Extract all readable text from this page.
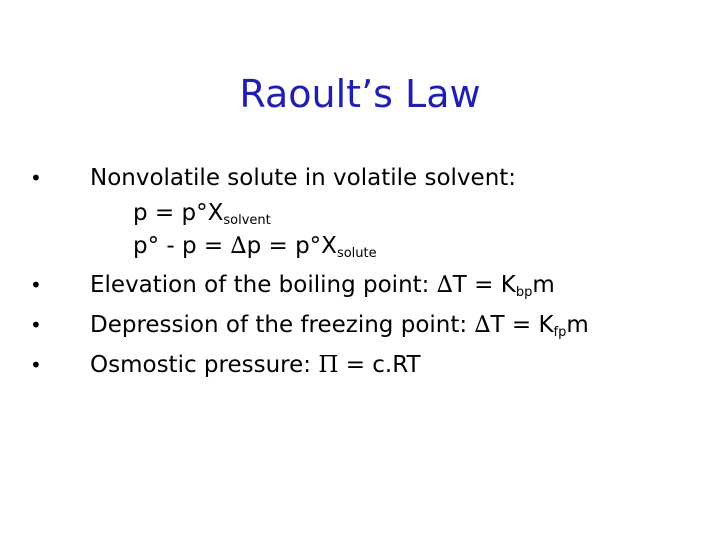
Raoult’s Law
• Nonvolatile solute in volatile solvent:
$p = p^\circ X_{solvent}$
$p^\circ - p = \Delta p = p^\circ X_{solute}$
• Elevation of the boiling point: $\Delta T = K_{bp}m$
• Depression of the freezing point: $\Delta T = K_{fp}m$
• Osmostic pressure: Π = c.RT
